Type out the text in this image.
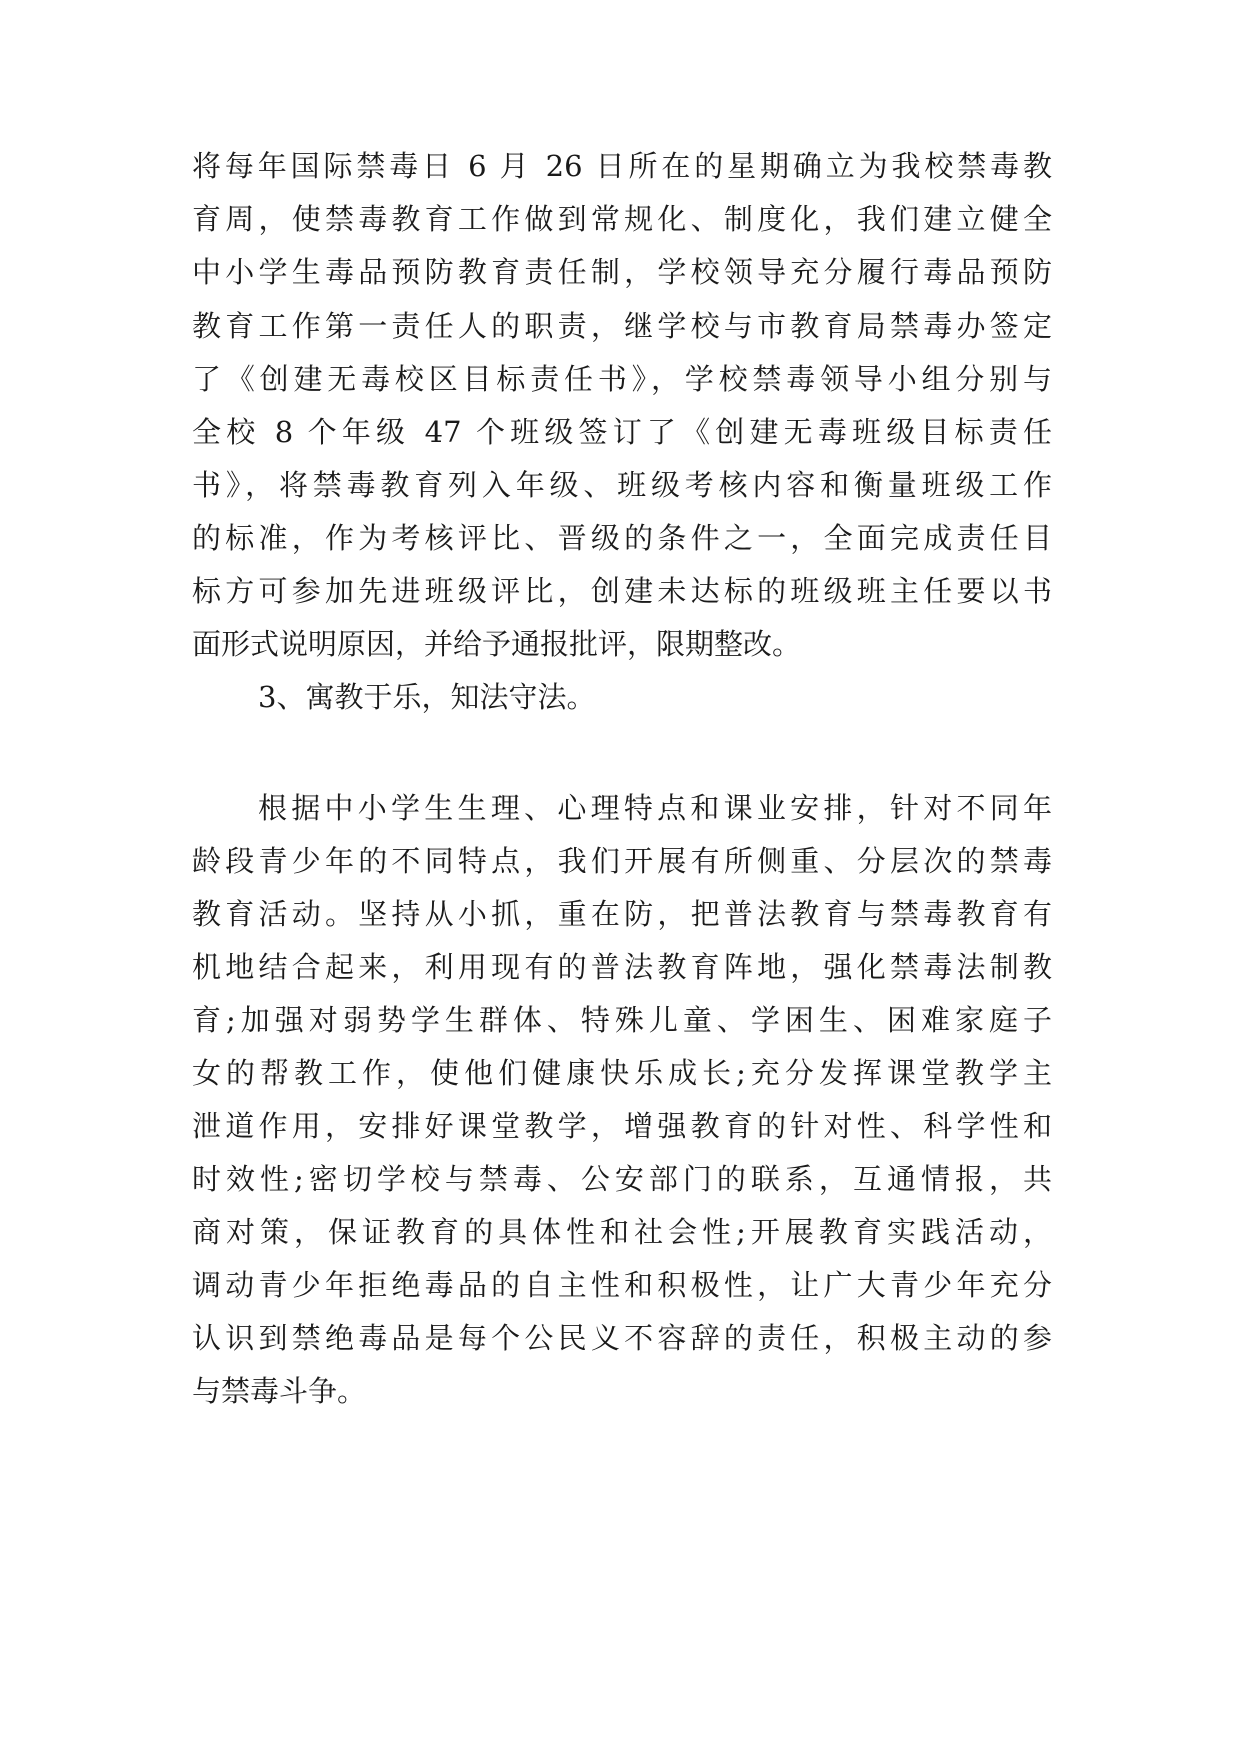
将每年国际禁毒日 6 月 26 日所在的星期确立为我校禁毒教
育周，使禁毒教育工作做到常规化、制度化，我们建立健全
中小学生毒品预防教育责任制，学校领导充分履行毒品预防
教育工作第一责任人的职责，继学校与市教育局禁毒办签定
了《创建无毒校区目标责任书》，学校禁毒领导小组分别与
全校 8 个年级 47 个班级签订了《创建无毒班级目标责任
书》，将禁毒教育列入年级、班级考核内容和衡量班级工作
的标准，作为考核评比、晋级的条件之一，全面完成责任目
标方可参加先进班级评比，创建未达标的班级班主任要以书
面形式说明原因，并给予通报批评，限期整改。
3、寓教于乐，知法守法。
根据中小学生生理、心理特点和课业安排，针对不同年
龄段青少年的不同特点，我们开展有所侧重、分层次的禁毒
教育活动。坚持从小抓，重在防，把普法教育与禁毒教育有
机地结合起来，利用现有的普法教育阵地，强化禁毒法制教
育;加强对弱势学生群体、特殊儿童、学困生、困难家庭子
女的帮教工作，使他们健康快乐成长;充分发挥课堂教学主
泄道作用，安排好课堂教学，增强教育的针对性、科学性和
时效性;密切学校与禁毒、公安部门的联系，互通情报，共
商对策，保证教育的具体性和社会性;开展教育实践活动，
调动青少年拒绝毒品的自主性和积极性，让广大青少年充分
认识到禁绝毒品是每个公民义不容辞的责任，积极主动的参
与禁毒斗争。
